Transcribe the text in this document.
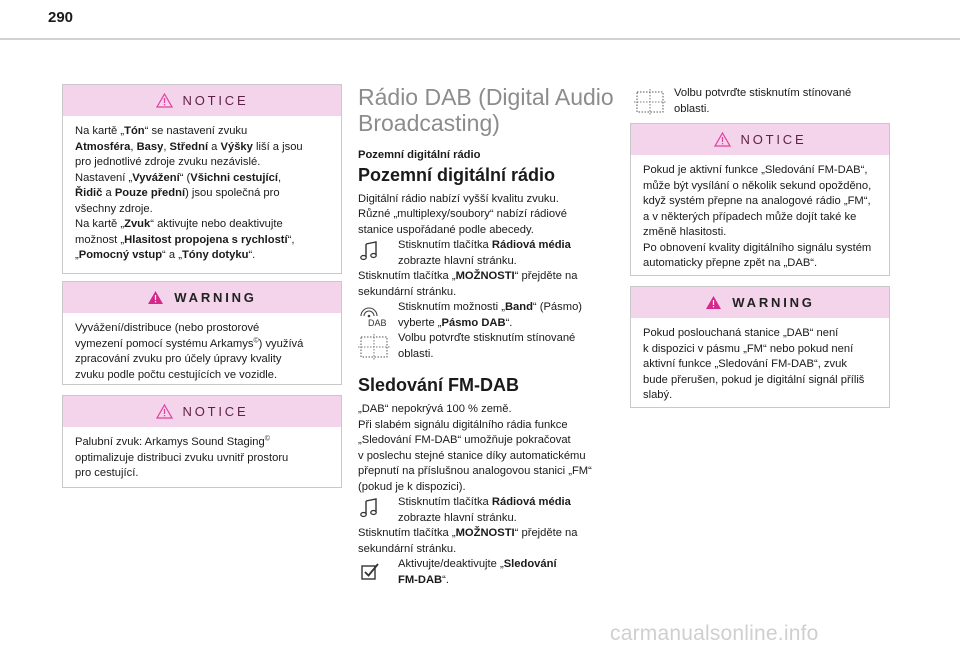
290
NOTICE

Na kartě „Tón“ se nastavení zvuku

Atmosféra, Basy, Střední a Výšky liší a jsou

pro jednotlivé zdroje zvuku nezávislé.

Nastavení „Vyvážení“ (Všichni cestující,

Řidič a Pouze přední) jsou společná pro

všechny zdroje.

Na kartě „Zvuk“ aktivujte nebo deaktivujte

možnost „Hlasitost propojena s rychlostí“,

„Pomocný vstup“ a „Tóny dotyku“.

WARNING

Vyvážení/distribuce (nebo prostorové

vymezení pomocí systému Arkamys©) využívá

zpracování zvuku pro účely úpravy kvality

zvuku podle počtu cestujících ve vozidle.

NOTICE

Palubní zvuk: Arkamys Sound Staging©

optimalizuje distribuci zvuku uvnitř prostoru

pro cestující.

Rádio DAB (Digital Audio
Broadcasting)

Pozemní digitální rádio

Pozemní digitální rádio

Digitální rádio nabízí vyšší kvalitu zvuku.

Různé „multiplexy/soubory“ nabízí rádiové

stanice uspořádané podle abecedy.

Stisknutím tlačítka Rádiová média

zobrazte hlavní stránku.

Stisknutím tlačítka „MOŽNOSTI“ přejděte na

sekundární stránku.

DAB

Stisknutím možnosti „Band“ (Pásmo)

vyberte „Pásmo DAB“.

Volbu potvrďte stisknutím stínované

oblasti.

Sledování FM-DAB

„DAB“ nepokrývá 100 % země.

Při slabém signálu digitálního rádia funkce

„Sledování FM-DAB“ umožňuje pokračovat

v poslechu stejné stanice díky automatickému

přepnutí na příslušnou analogovou stanici „FM“

(pokud je k dispozici).

Stisknutím tlačítka Rádiová média

zobrazte hlavní stránku.

Stisknutím tlačítka „MOŽNOSTI“ přejděte na

sekundární stránku.

Aktivujte/deaktivujte „Sledování

FM-DAB“.

Volbu potvrďte stisknutím stínované

oblasti.

NOTICE

Pokud je aktivní funkce „Sledování FM-DAB“,

může být vysílání o několik sekund opožděno,

když systém přepne na analogové rádio „FM“,

a v některých případech může dojít také ke

změně hlasitosti.

Po obnovení kvality digitálního signálu systém

automaticky přepne zpět na „DAB“.

WARNING

Pokud poslouchaná stanice „DAB“ není

k dispozici v pásmu „FM“ nebo pokud není

aktivní funkce „Sledování FM-DAB“, zvuk

bude přerušen, pokud je digitální signál příliš

slabý.

carmanualsonline.info
